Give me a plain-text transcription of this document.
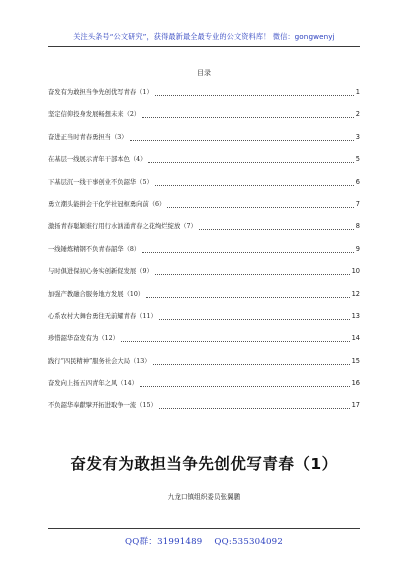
关注头条号“公文研究”，获得最新最全最专业的公文资料库！ 微信：gongwenyj
目录
奋发有为敢担当争先创优写青春（1）	1
坚定信仰投身发展畅想未来（2）	2
奋进正当时青春勇担当（3）	3
在基层一线展示青年干部本色（4）	5
下基层沉一线干事创业不负韶华（5）	6
勇立潮头能拼会干化学社冠枢勇向前（6）	7
激扬青春聪颖谁行用行水汹涌青春之花绚烂绽放（7）	8
一线锤炼精钢不负青春韶华（8）	9
与时俱进保初心务实创新促发展（9）	10
加强产教融合服务地方发展（10）	12
心系农村大舞台勇往无前耀青春（11）	13
珍惜韶华奋发有为（12）	14
践行“四民精神”服务社会大局（13）	15
奋发向上扬五四青年之风（14）	16
不负韶华奉獻擘开拓进取争一流（15）	17
奋发有为敢担当争先创优写青春（1）
九龙口镇组织委员张翼鹏
QQ群：31991489 QQ:535304092
